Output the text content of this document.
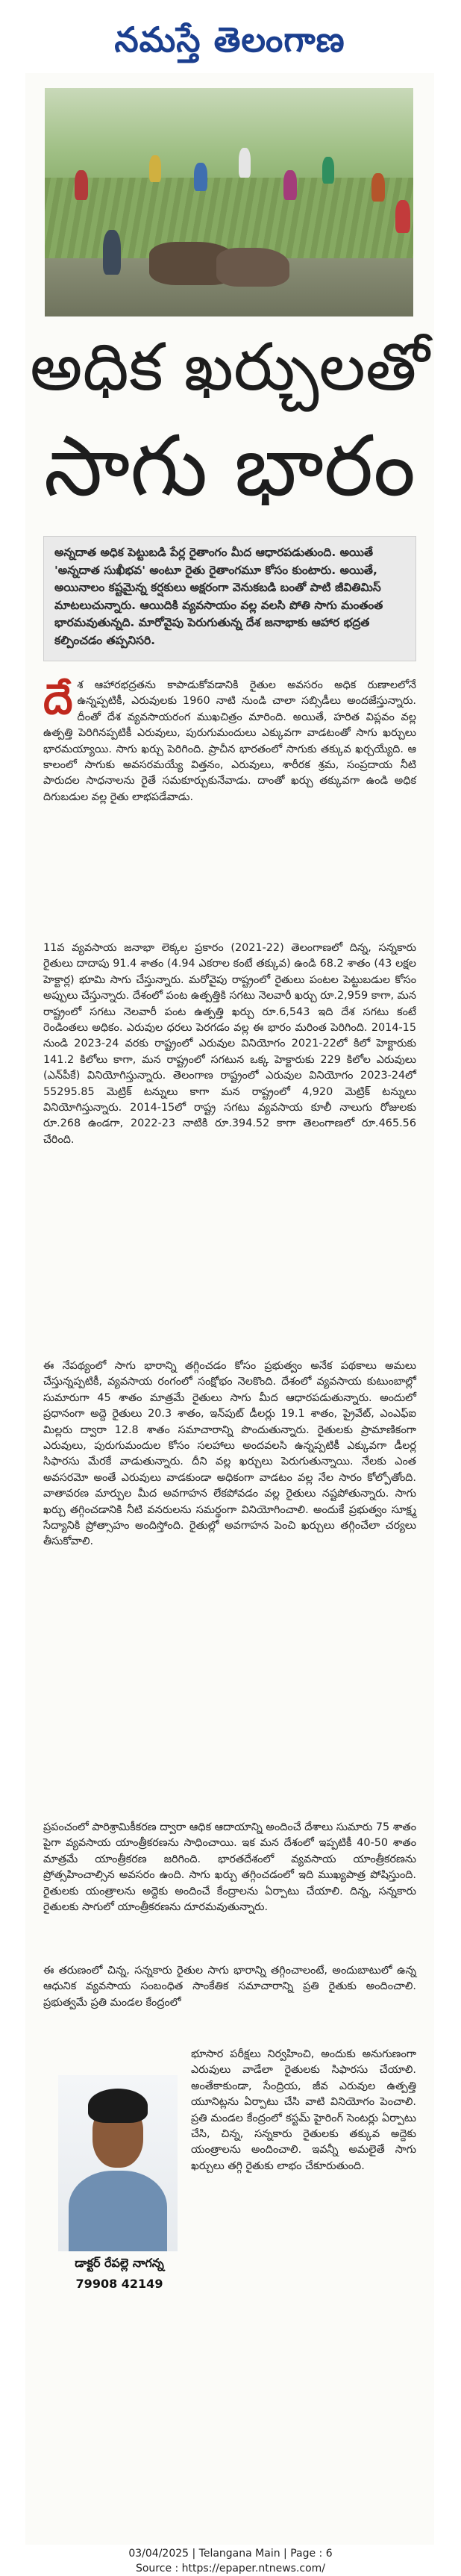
నమస్తే తెలంగాణ
అధిక ఖర్చులతో
సాగు భారం
అన్నదాత అధిక పెట్టుబడి పేర్ల రైతాంగం మీద ఆధారపడుతుంది. అయితే 'అన్నదాత సుఖీభవ' అంటూ రైతు రైతాంగమూ కోసం కుంటారు. అయితే, అయినాలం కష్టమైన్న కర్షకులు అక్షరంగా వెనుకబడి బంతో పాటి జీవితిమిస్ మాటలుచున్నారు. ఆయిదికి వ్యవసాయం వల్ల వలసి పోతి సాగు మంతంత భారమవుతున్నది. మారోవైపు పెరుగుతున్న దేశ జనాభాకు ఆహార భద్రత కల్పించడం తప్పనిసరి.
దేశ ఆహారభద్రతను కాపాడుకోవడానికి రైతుల అవసరం అధిక రుణాలలోనే ఉన్నప్పటికీ, ఎరువులకు 1960 నాటి నుండి చాలా సబ్సిడీలు అందజేస్తున్నారు. దీంతో దేశ వ్యవసాయరంగ ముఖచిత్రం మారింది. అయితే, హరిత విప్లవం వల్ల ఉత్పత్తి పెరిగినప్పటికీ ఎరువులు, పురుగుమందులు ఎక్కువగా వాడటంతో సాగు ఖర్చులు భారమయ్యాయి. సాగు ఖర్చు పెరిగింది. ప్రాచీన భారతంలో సాగుకు తక్కువ ఖర్చయ్యేది. ఆ కాలంలో సాగుకు అవసరమయ్యే విత్తనం, ఎరువులు, శారీరక శ్రమ, సంప్రదాయ నీటి పారుదల సాధనాలను రైతే సమకూర్చుకునేవాడు. దాంతో ఖర్చు తక్కువగా ఉండి అధిక దిగుబడుల వల్ల రైతు లాభపడేవాడు.
11వ వ్యవసాయ జనాభా లెక్కల ప్రకారం (2021-22) తెలంగాణలో దిన్న, సన్నకారు రైతులు దాదాపు 91.4 శాతం (4.94 ఎకరాల కంటే తక్కువ) ఉండి 68.2 శాతం (43 లక్షల హెక్టార్ల) భూమి సాగు చేస్తున్నారు. మరోవైపు రాష్ట్రంలో రైతులు పంటల పెట్టుబడుల కోసం అప్పులు చేస్తున్నారు. దేశంలో పంట ఉత్పత్తికి సగటు నెలవారీ ఖర్చు రూ.2,959 కాగా, మన రాష్ట్రంలో సగటు నెలవారీ పంట ఉత్పత్తి ఖర్చు రూ.6,543 ఇది దేశ సగటు కంటే రెండింతలు అధికం. ఎరువుల ధరలు పెరగడం వల్ల ఈ భారం మరింత పెరిగింది. 2014-15 నుండి 2023-24 వరకు రాష్ట్రంలో ఎరువుల వినియోగం 2021-22లో కిలో హెక్టారుకు 141.2 కిలోలు కాగా, మన రాష్ట్రంలో సగటున ఒక్క హెక్టారుకు 229 కిలోల ఎరువులు (ఎన్‌పీకే) వినియోగిస్తున్నారు. తెలంగాణ రాష్ట్రంలో ఎరువుల వినియోగం 2023-24లో 55295.85 మెట్రిక్ టన్నులు కాగా మన రాష్ట్రంలో 4,920 మెట్రిక్ టన్నులు వినియోగిస్తున్నారు. 2014-15లో రాష్ట్ర సగటు వ్యవసాయ కూలీ నాలుగు రోజులకు రూ.268 ఉండగా, 2022-23 నాటికి రూ.394.52 కాగా తెలంగాణలో రూ.465.56 చేరింది.
ఈ నేపథ్యంలో సాగు భారాన్ని తగ్గించడం కోసం ప్రభుత్వం అనేక పథకాలు అమలు చేస్తున్నప్పటికీ, వ్యవసాయ రంగంలో సంక్షోభం నెలకొంది. దేశంలో వ్యవసాయ కుటుంబాల్లో సుమారుగా 45 శాతం మాత్రమే రైతులు సాగు మీద ఆధారపడుతున్నారు. అందులో ప్రధానంగా అద్దె రైతులు 20.3 శాతం, ఇన్‌పుట్ డీలర్లు 19.1 శాతం, ప్రైవేట్, ఎంఎఫ్‌ఐ మిల్లరు ద్వారా 12.8 శాతం సమాచారాన్ని పొందుతున్నారు. రైతులకు ప్రామాణికంగా ఎరువులు, పురుగుమందుల కోసం సలహాలు అందవలసి ఉన్నప్పటికీ ఎక్కువగా డీలర్ల సిఫారసు మేరకే వాడుతున్నారు. దీని వల్ల ఖర్చులు పెరుగుతున్నాయి. నేలకు ఎంత అవసరమో అంతే ఎరువులు వాడకుండా అధికంగా వాడటం వల్ల నేల సారం కోల్పోతోంది. వాతావరణ మార్పుల మీద అవగాహన లేకపోవడం వల్ల రైతులు నష్టపోతున్నారు. సాగు ఖర్చు తగ్గించడానికి నీటి వనరులను సమర్థంగా వినియోగించాలి. అందుకే ప్రభుత్వం సూక్ష్మ సేద్యానికి ప్రోత్సాహం అందిస్తోంది. రైతుల్లో అవగాహన పెంచి ఖర్చులు తగ్గించేలా చర్యలు తీసుకోవాలి.
ప్రపంచంలో పారిశ్రామికీకరణ ద్వారా ఆధిక ఆదాయాన్ని అందించే దేశాలు సుమారు 75 శాతం పైగా వ్యవసాయ యాంత్రీకరణను సాధించాయి. ఇక మన దేశంలో ఇప్పటికీ 40-50 శాతం మాత్రమే యాంత్రీకరణ జరిగింది. భారతదేశంలో వ్యవసాయ యాంత్రీకరణను ప్రోత్సహించాల్సిన అవసరం ఉంది. సాగు ఖర్చు తగ్గించడంలో ఇది ముఖ్యపాత్ర పోషిస్తుంది. రైతులకు యంత్రాలను అద్దెకు అందించే కేంద్రాలను ఏర్పాటు చేయాలి. దిన్న, సన్నకారు రైతులకు సాగులో యాంత్రీకరణను దూరమవుతున్నారు.
ఈ తరుణంలో చిన్న, సన్నకారు రైతుల సాగు భారాన్ని తగ్గించాలంటే, అందుబాటులో ఉన్న ఆధునిక వ్యవసాయ సంబంధిత సాంకేతిక సమాచారాన్ని ప్రతి రైతుకు అందించాలి. ప్రభుత్వమే ప్రతి మండల కేంద్రంలో
భూసార పరీక్షలు నిర్వహించి, అందుకు అనుగుణంగా ఎరువులు వాడేలా రైతులకు సిఫారసు చేయాలి. అంతేకాకుండా, సేంద్రియ, జీవ ఎరువుల ఉత్పత్తి యూనిట్లను ఏర్పాటు చేసి వాటి వినియోగం పెంచాలి. ప్రతి మండల కేంద్రంలో కస్టమ్ హైరింగ్ సెంటర్లు ఏర్పాటు చేసి, చిన్న, సన్నకారు రైతులకు తక్కువ అద్దెకు యంత్రాలను అందించాలి. ఇవన్నీ అమలైతే సాగు ఖర్చులు తగ్గి రైతుకు లాభం చేకూరుతుంది.
డాక్టర్ రేపల్లె నాగన్న
79908 42149
03/04/2025 | Telangana Main | Page : 6
Source : https://epaper.ntnews.com/
